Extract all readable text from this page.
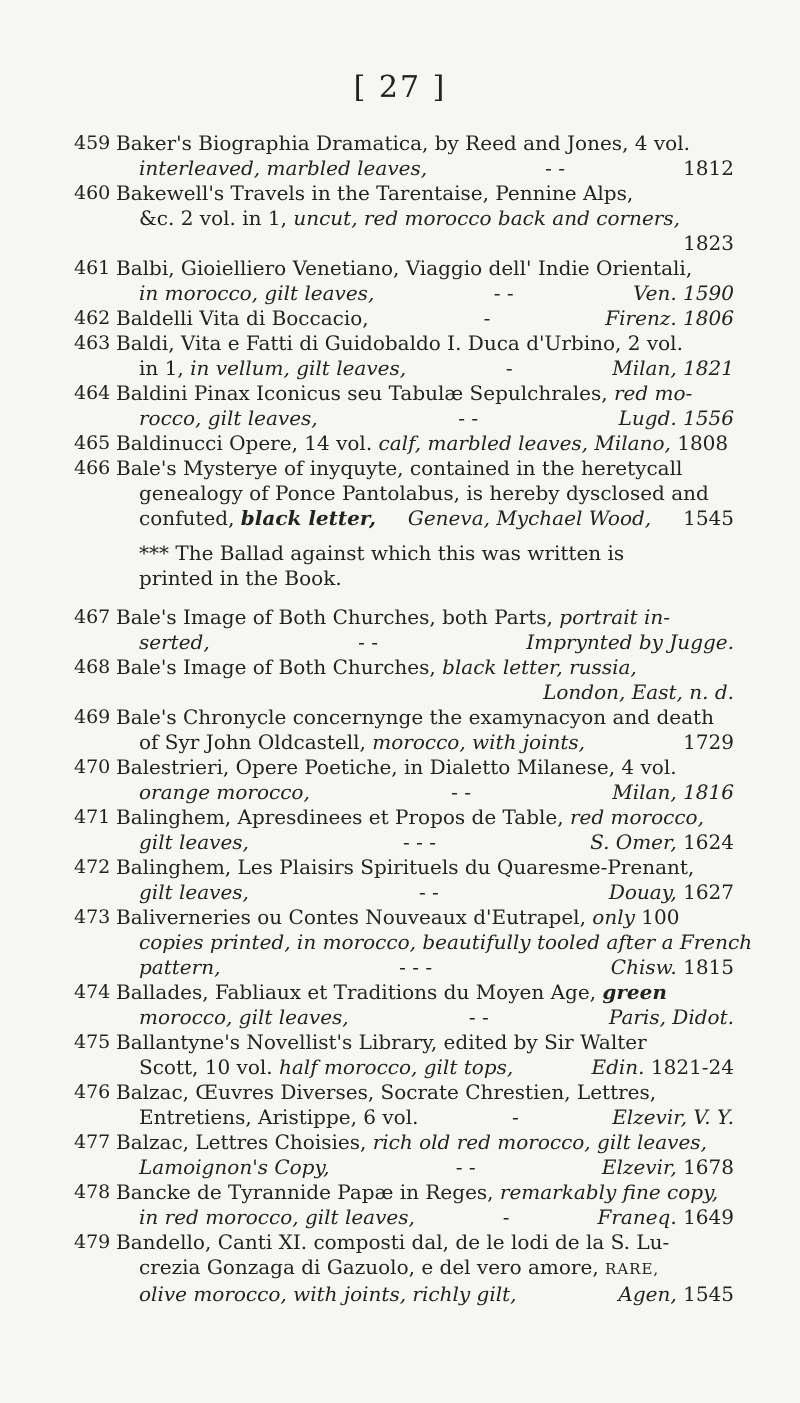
[ 27 ]
459 Baker's Biographia Dramatica, by Reed and Jones, 4 vol.
interleaved, marbled leaves,	- -	1812
460 Bakewell's Travels in the Tarentaise, Pennine Alps,
&c. 2 vol. in 1, uncut, red morocco back and corners,
1823
461 Balbi, Gioielliero Venetiano, Viaggio dell' Indie Orientali,
in morocco, gilt leaves,	- -	Ven. 1590
462 Baldelli Vita di Boccacio,	-	Firenz. 1806
463 Baldi, Vita e Fatti di Guidobaldo I. Duca d'Urbino, 2 vol.
in 1, in vellum, gilt leaves,	-	Milan, 1821
464 Baldini Pinax Iconicus seu Tabulæ Sepulchrales, red mo-
rocco, gilt leaves,	- -	Lugd. 1556
465 Baldinucci Opere, 14 vol. calf, marbled leaves, Milano, 1808
466 Bale's Mysterye of inyquyte, contained in the heretycall
genealogy of Ponce Pantolabus, is hereby dysclosed and
confuted, black letter, Geneva, Mychael Wood, 1545
*** The Ballad against which this was written is
printed in the Book.
467 Bale's Image of Both Churches, both Parts, portrait in-
serted,	- -	Imprynted by Jugge.
468 Bale's Image of Both Churches, black letter, russia,
London, East, n. d.
469 Bale's Chronycle concernynge the examynacyon and death
of Syr John Oldcastell, morocco, with joints,	1729
470 Balestrieri, Opere Poetiche, in Dialetto Milanese, 4 vol.
orange morocco,	- -	Milan, 1816
471 Balinghem, Apresdinees et Propos de Table, red morocco,
gilt leaves,	- - -	S. Omer, 1624
472 Balinghem, Les Plaisirs Spirituels du Quaresme-Prenant,
gilt leaves,	- -	Douay, 1627
473 Baliverneries ou Contes Nouveaux d'Eutrapel, only 100
copies printed, in morocco, beautifully tooled after a French
pattern,	- - -	Chisw. 1815
474 Ballades, Fabliaux et Traditions du Moyen Age, green
morocco, gilt leaves,	- -	Paris, Didot.
475 Ballantyne's Novellist's Library, edited by Sir Walter
Scott, 10 vol. half morocco, gilt tops,	Edin. 1821-24
476 Balzac, Œuvres Diverses, Socrate Chrestien, Lettres,
Entretiens, Aristippe, 6 vol.	-	Elzevir, V. Y.
477 Balzac, Lettres Choisies, rich old red morocco, gilt leaves,
Lamoignon's Copy,	- -	Elzevir, 1678
478 Bancke de Tyrannide Papæ in Reges, remarkably fine copy,
in red morocco, gilt leaves,	-	Franeq. 1649
479 Bandello, Canti XI. composti dal, de le lodi de la S. Lu-
crezia Gonzaga di Gazuolo, e del vero amore, RARE,
olive morocco, with joints, richly gilt,	Agen, 1545
